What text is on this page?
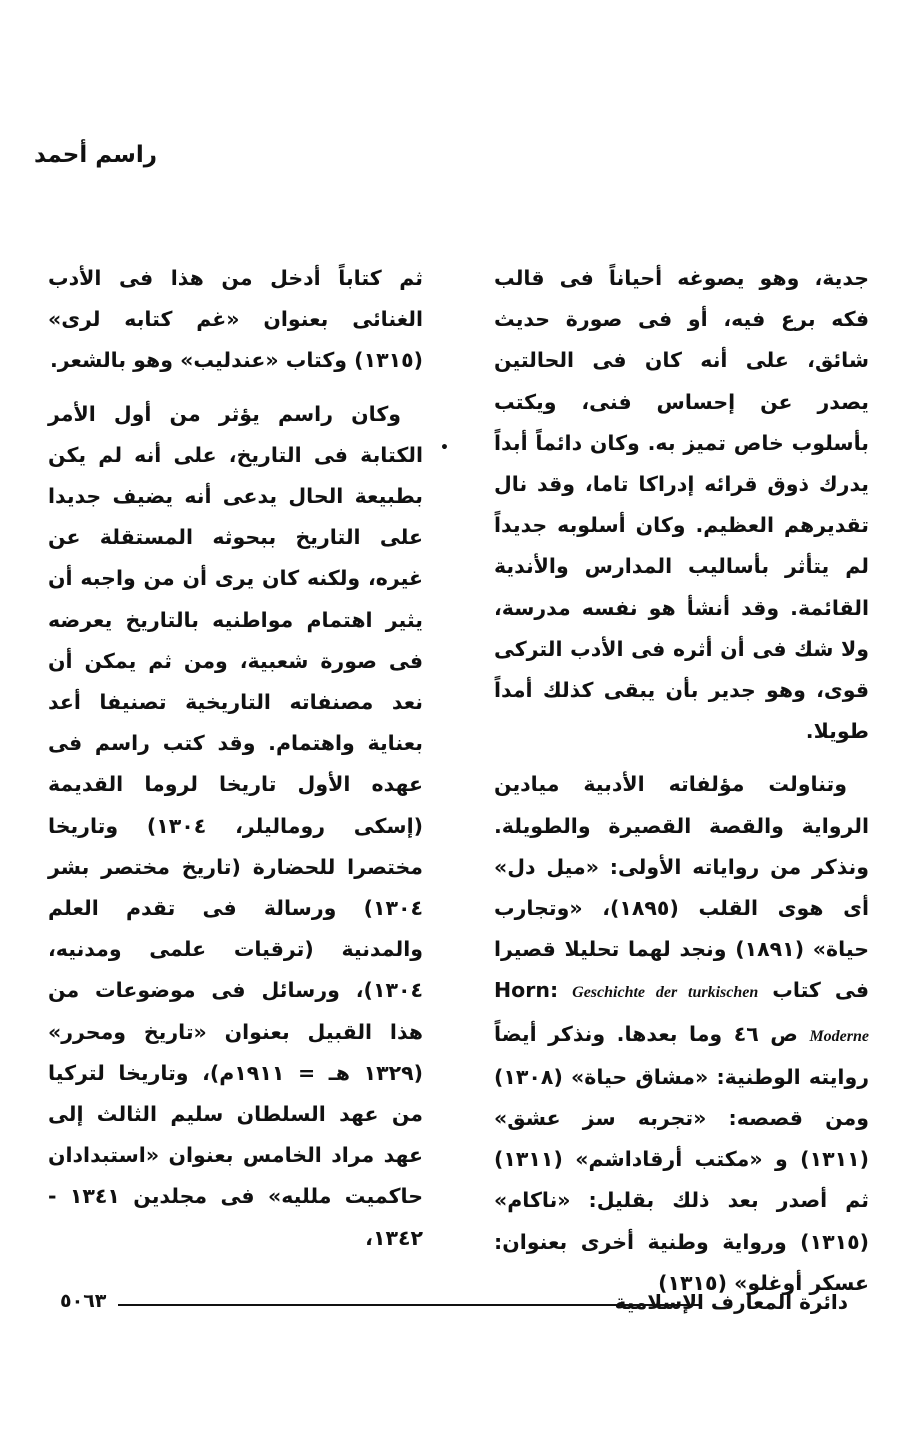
راسم أحمد

جدية، وهو يصوغه أحياناً فى قالب فكه برع فيه، أو فى صورة حديث شائق، على أنه كان فى الحالتين يصدر عن إحساس فنى، ويكتب بأسلوب خاص تميز به. وكان دائماً أبداً يدرك ذوق قرائه إدراكا تاما، وقد نال تقديرهم العظيم. وكان أسلوبه جديداً لم يتأثر بأساليب المدارس والأندية القائمة. وقد أنشأ هو نفسه مدرسة، ولا شك فى أن أثره فى الأدب التركى قوى، وهو جدير بأن يبقى كذلك أمداً طويلا.

وتناولت مؤلفاته الأدبية ميادين الرواية والقصة القصيرة والطويلة. ونذكر من رواياته الأولى: «ميل دل» أى هوى القلب (١٨٩٥)، «وتجارب حياة» (١٨٩١) ونجد لهما تحليلا قصيرا فى كتاب Horn: Geschichte der turkischen Moderne ص ٤٦ وما بعدها. ونذكر أيضاً روايته الوطنية: «مشاق حياة» (١٣٠٨) ومن قصصه: «تجربه سز عشق» (١٣١١) و «مكتب أرقاداشم» (١٣١١) ثم أصدر بعد ذلك بقليل: «ناكام» (١٣١٥) ورواية وطنية أخرى بعنوان: عسكر أوغلو» (١٣١٥)

ثم كتاباً أدخل من هذا فى الأدب الغنائى بعنوان «غم كتابه لرى» (١٣١٥) وكتاب «عندليب» وهو بالشعر.

وكان راسم يؤثر من أول الأمر الكتابة فى التاريخ، على أنه لم يكن بطبيعة الحال يدعى أنه يضيف جديدا على التاريخ ببحوثه المستقلة عن غيره، ولكنه كان يرى أن من واجبه أن يثير اهتمام مواطنيه بالتاريخ يعرضه فى صورة شعبية، ومن ثم يمكن أن نعد مصنفاته التاريخية تصنيفا أعد بعناية واهتمام. وقد كتب راسم فى عهده الأول تاريخا لروما القديمة (إسكى روماليلر، ١٣٠٤) وتاريخا مختصرا للحضارة (تاريخ مختصر بشر ١٣٠٤) ورسالة فى تقدم العلم والمدنية (ترقيات علمى ومدنيه، ١٣٠٤)، ورسائل فى موضوعات من هذا القبيل بعنوان «تاريخ ومحرر» (١٣٢٩ هـ = ١٩١١م)، وتاريخا لتركيا من عهد السلطان سليم الثالث إلى عهد مراد الخامس بعنوان «استبدادان حاكميت ملليه» فى مجلدين ١٣٤١ - ١٣٤٢،

•
دائرة المعارف الإسلامية
٥٠٦٣
